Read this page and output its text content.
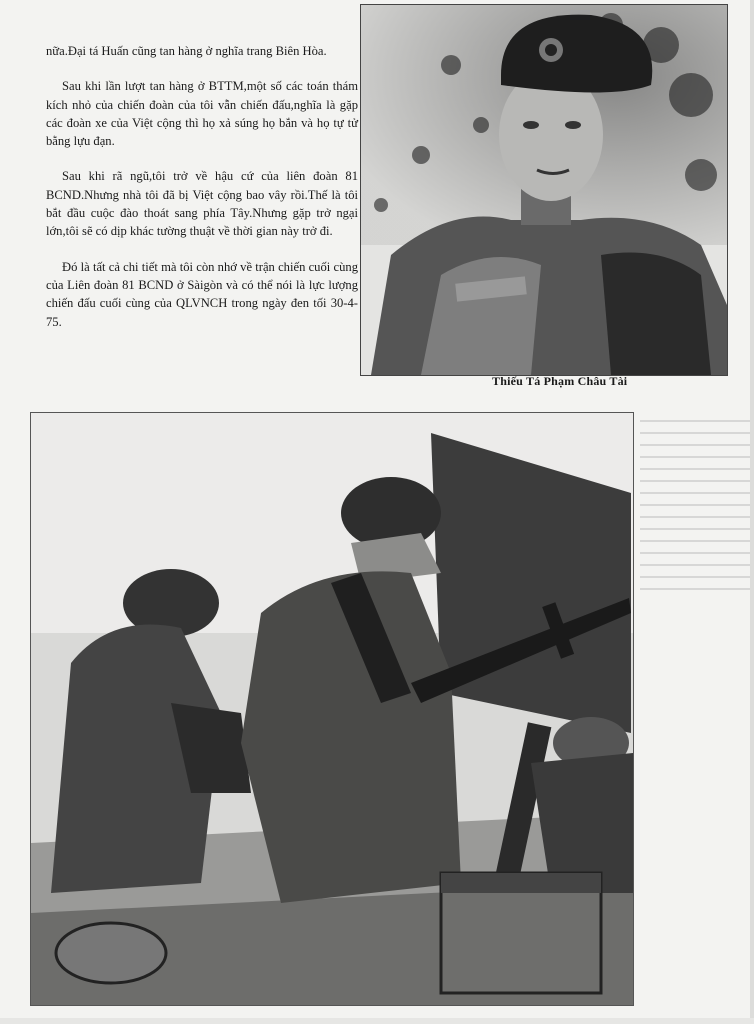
nữa.Đại tá Huấn cũng tan hàng ở nghĩa trang Biên Hòa.

Sau khi lần lượt tan hàng ở BTTM,một số các toán thám kích nhỏ của chiến đoàn của tôi vẫn chiến đấu,nghĩa là gặp các đoàn xe của Việt cộng thì họ xả súng họ bắn và họ tự tử bằng lựu đạn.

Sau khi rã ngũ,tôi trở về hậu cứ của liên đoàn 81 BCND.Nhưng nhà tôi đã bị Việt cộng bao vây rồi.Thế là tôi bắt đầu cuộc đào thoát sang phía Tây.Nhưng gặp trở ngại lớn,tôi sẽ có dịp khác tường thuật về thời gian này trở đi.

Đó là tất cả chi tiết mà tôi còn nhớ về trận chiến cuối cùng của Liên đoàn 81 BCND ở Sàigòn và có thể nói là lực lượng chiến đấu cuối cùng của QLVNCH trong ngày đen tối 30-4-75.

Thiếu Tá Phạm Châu Tài
